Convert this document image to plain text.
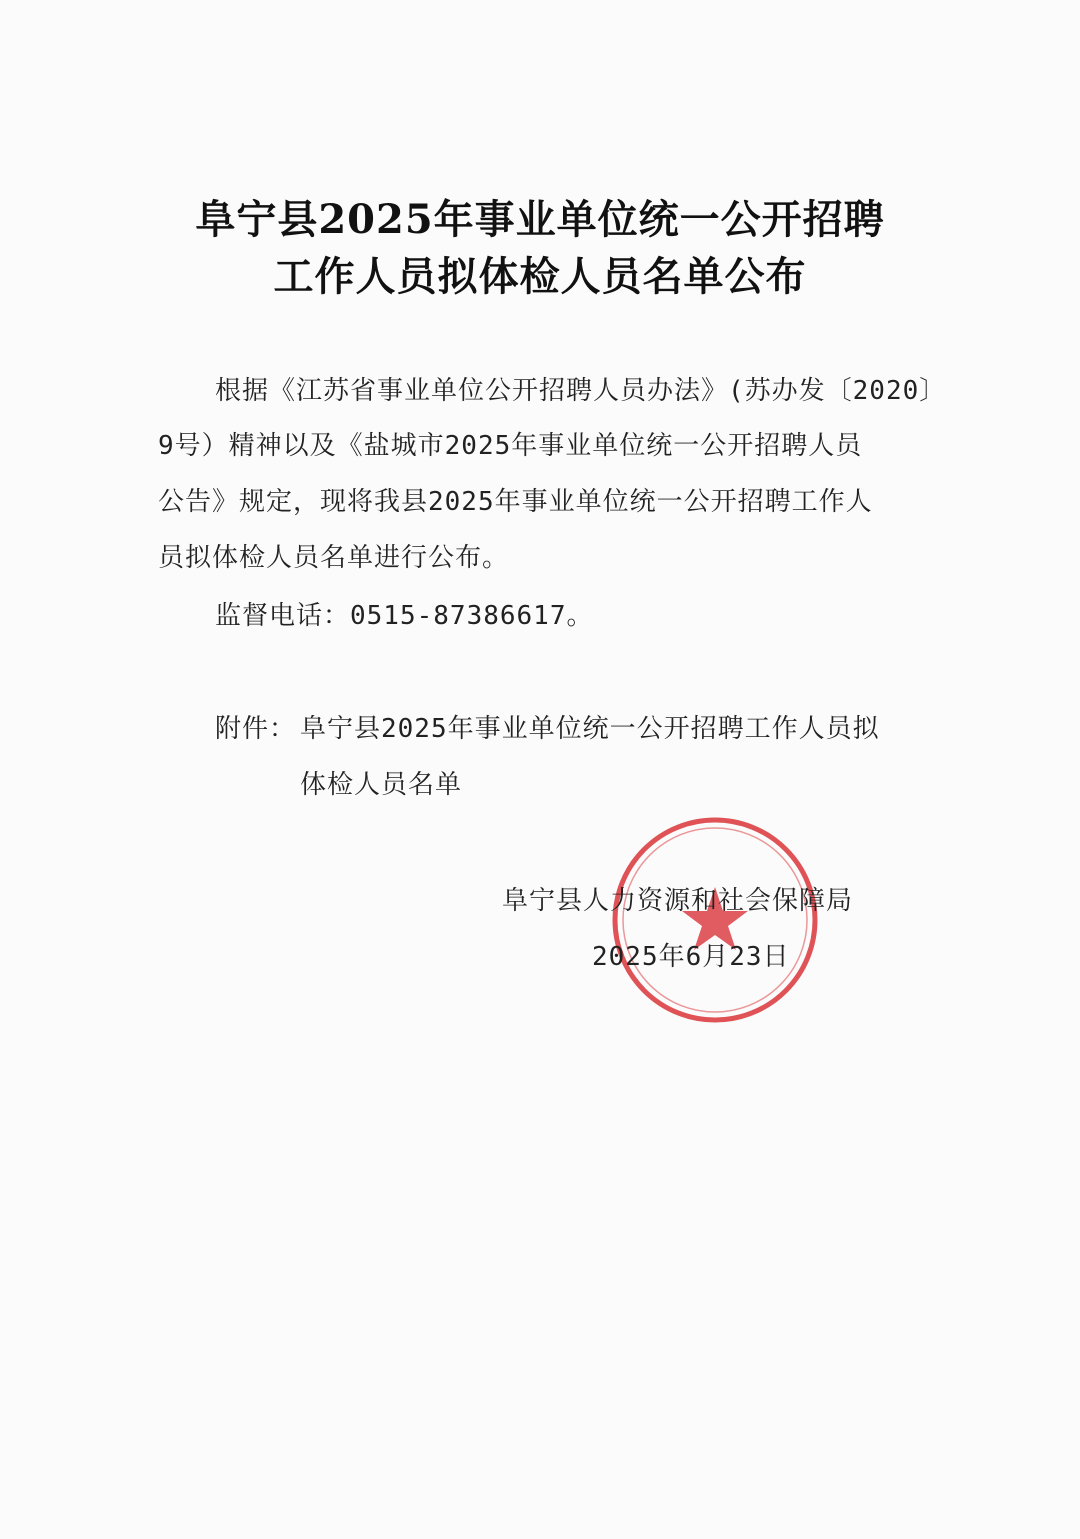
阜宁县2025年事业单位统一公开招聘
工作人员拟体检人员名单公布
根据《江苏省事业单位公开招聘人员办法》(苏办发〔2020〕
9号）精神以及《盐城市2025年事业单位统一公开招聘人员
公告》规定，现将我县2025年事业单位统一公开招聘工作人
员拟体检人员名单进行公布。
监督电话：0515-87386617。
附件： 阜宁县2025年事业单位统一公开招聘工作人员拟
体检人员名单
阜宁县人力资源和社会保障局
2025年6月23日
